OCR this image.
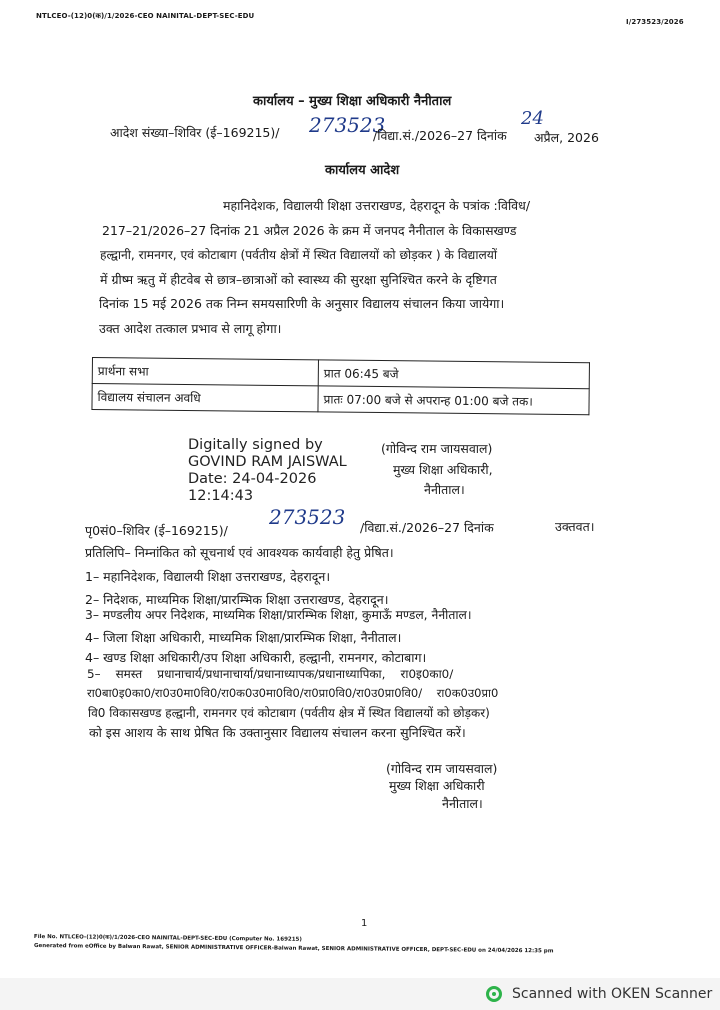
NTLCEO-(12)0(क)/1/2026-CEO NAINITAL-DEPT-SEC-EDU
I/273523/2026
कार्यालय – मुख्य शिक्षा अधिकारी नैनीताल
आदेश संख्या–शिविर (ई–169215)/ 273523
/विद्या.सं./2026–27 दिनांक
24
अप्रैल, 2026
कार्यालय आदेश
महानिदेशक, विद्यालयी शिक्षा उत्तराखण्ड, देहरादून के पत्रांक :विविध/
217–21/2026–27 दिनांक 21 अप्रैल 2026 के क्रम में जनपद नैनीताल के विकासखण्ड
हल्द्वानी, रामनगर, एवं कोटाबाग (पर्वतीय क्षेत्रों में स्थित विद्यालयों को छोड़कर ) के विद्यालयों
में ग्रीष्म ऋतु में हीटवेब से छात्र–छात्राओं को स्वास्थ्य की सुरक्षा सुनिश्चित करने के दृष्टिगत
दिनांक 15 मई 2026 तक निम्न समयसारिणी के अनुसार विद्यालय संचालन किया जायेगा।
उक्त आदेश तत्काल प्रभाव से लागू होगा।
प्रार्थना सभा	प्रात 06:45 बजे
विद्यालय संचालन अवधि	प्रातः 07:00 बजे से अपरान्ह 01:00 बजे तक।
Digitally signed by
GOVIND RAM JAISWAL
Date: 24-04-2026
12:14:43
(गोविन्द राम जायसवाल)
मुख्य शिक्षा अधिकारी,
नैनीताल।
पृ0सं0–शिविर (ई–169215)/
273523 /विद्या.सं./2026–27 दिनांक	उक्तवत।
प्रतिलिपि– निम्नांकित को सूचनार्थ एवं आवश्यक कार्यवाही हेतु प्रेषित।
1– महानिदेशक, विद्यालयी शिक्षा उत्तराखण्ड, देहरादून।
2– निदेशक, माध्यमिक शिक्षा/प्रारम्भिक शिक्षा उत्तराखण्ड, देहरादून।
3– मण्डलीय अपर निदेशक, माध्यमिक शिक्षा/प्रारम्भिक शिक्षा, कुमाऊँ मण्डल, नैनीताल।
4– जिला शिक्षा अधिकारी, माध्यमिक शिक्षा/प्रारम्भिक शिक्षा, नैनीताल।
4– खण्ड शिक्षा अधिकारी/उप शिक्षा अधिकारी, हल्द्वानी, रामनगर, कोटाबाग।
5–    समस्त    प्रधानाचार्य/प्रधानाचार्या/प्रधानाध्यापक/प्रधानाध्यापिका,    रा0इ0का0/
रा0बा0इ0का0/रा0उ0मा0वि0/रा0क0उ0मा0वि0/रा0प्रा0वि0/रा0उ0प्रा0वि0/    रा0क0उ0प्रा0
वि0 विकासखण्ड हल्द्वानी, रामनगर एवं कोटाबाग (पर्वतीय क्षेत्र में स्थित विद्यालयों को छोड़कर)
को इस आशय के साथ प्रेषित कि उक्तानुसार विद्यालय संचालन करना सुनिश्चित करें।
(गोविन्द राम जायसवाल)
मुख्य शिक्षा अधिकारी
नैनीताल।
1
File No. NTLCEO-(12)0(क)/1/2026-CEO NAINITAL-DEPT-SEC-EDU (Computer No. 169215)
Generated from eOffice by Balwan Rawat, SENIOR ADMINISTRATIVE OFFICER-Balwan Rawat, SENIOR ADMINISTRATIVE OFFICER, DEPT-SEC-EDU on 24/04/2026 12:35 pm
Scanned with OKEN Scanner
